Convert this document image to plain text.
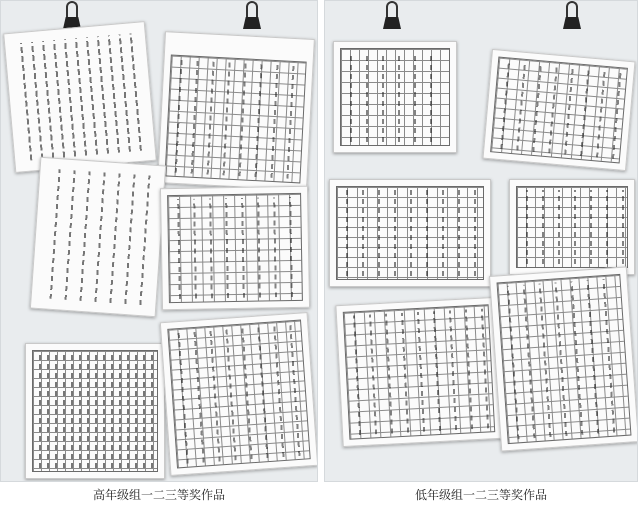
高年级组一二三等奖作品	低年级组一二三等奖作品
